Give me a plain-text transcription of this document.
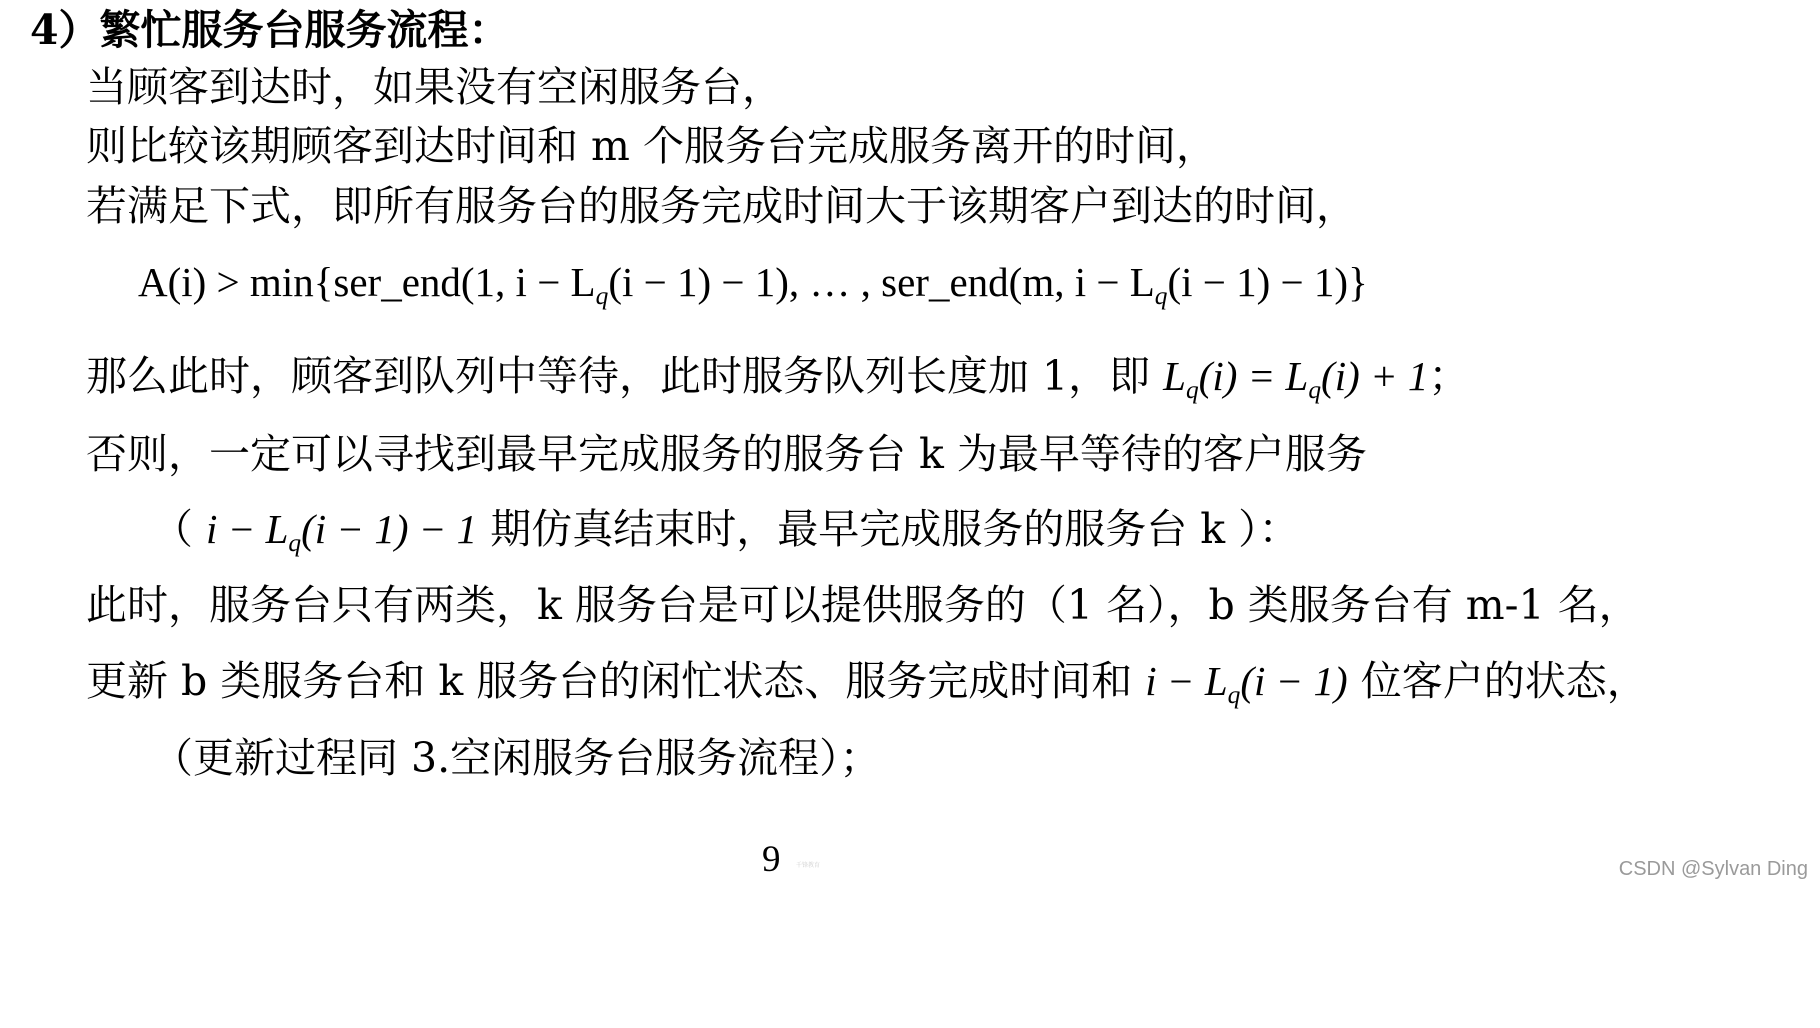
4）繁忙服务台服务流程：
当顾客到达时，如果没有空闲服务台，
则比较该期顾客到达时间和 m 个服务台完成服务离开的时间，
若满足下式，即所有服务台的服务完成时间大于该期客户到达的时间，
A(i) > min{ser_end(1, i − Lq(i − 1) − 1), … , ser_end(m, i − Lq(i − 1) − 1)}
那么此时，顾客到队列中等待，此时服务队列长度加 1，即 Lq(i) = Lq(i) + 1；
否则，一定可以寻找到最早完成服务的服务台 k 为最早等待的客户服务
（ i − Lq(i − 1) − 1 期仿真结束时，最早完成服务的服务台 k ）：
此时，服务台只有两类，k 服务台是可以提供服务的（1 名），b 类服务台有 m-1 名，
更新 b 类服务台和 k 服务台的闲忙状态、服务完成时间和 i − Lq(i − 1) 位客户的状态，
（更新过程同 3.空闲服务台服务流程）；
9	千锋教育	CSDN @Sylvan Ding
